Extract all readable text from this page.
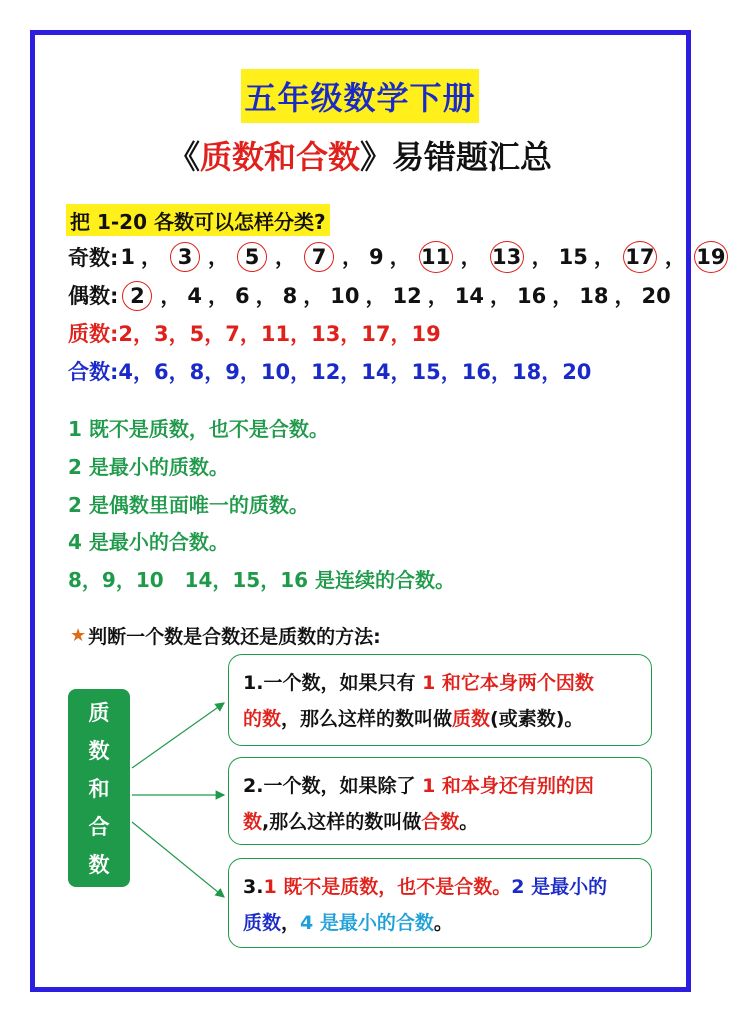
五年级数学下册
《 质数和合数 》易错题汇总
把 1-20 各数可以怎样分类?
奇数: 1 ， 3 ， 5 ， 7 ， 9 ， 11 ， 13 ， 15 ， 17 ， 19
偶数: 2 ， 4 ， 6 ， 8 ， 10 ， 12 ， 14 ， 16 ， 18 ， 20
质数: 2，3，5，7，11，13，17，19
合数: 4，6，8，9，10，12，14，15，16，18，20
1 既不是质数，也不是合数。
2 是最小的质数。
2 是偶数里面唯一的质数。
4 是最小的合数。
8，9，10   14，15，16 是连续的合数。
★ 判断一个数是合数还是质数的方法:
质
数
和
合
数
1.一个数，如果只有 1 和它本身两个因数
的数，那么这样的数叫做质数(或素数)。
2.一个数，如果除了 1 和本身还有别的因
数,那么这样的数叫做合数。
3.1 既不是质数，也不是合数。2 是最小的
质数，4 是最小的合数。
